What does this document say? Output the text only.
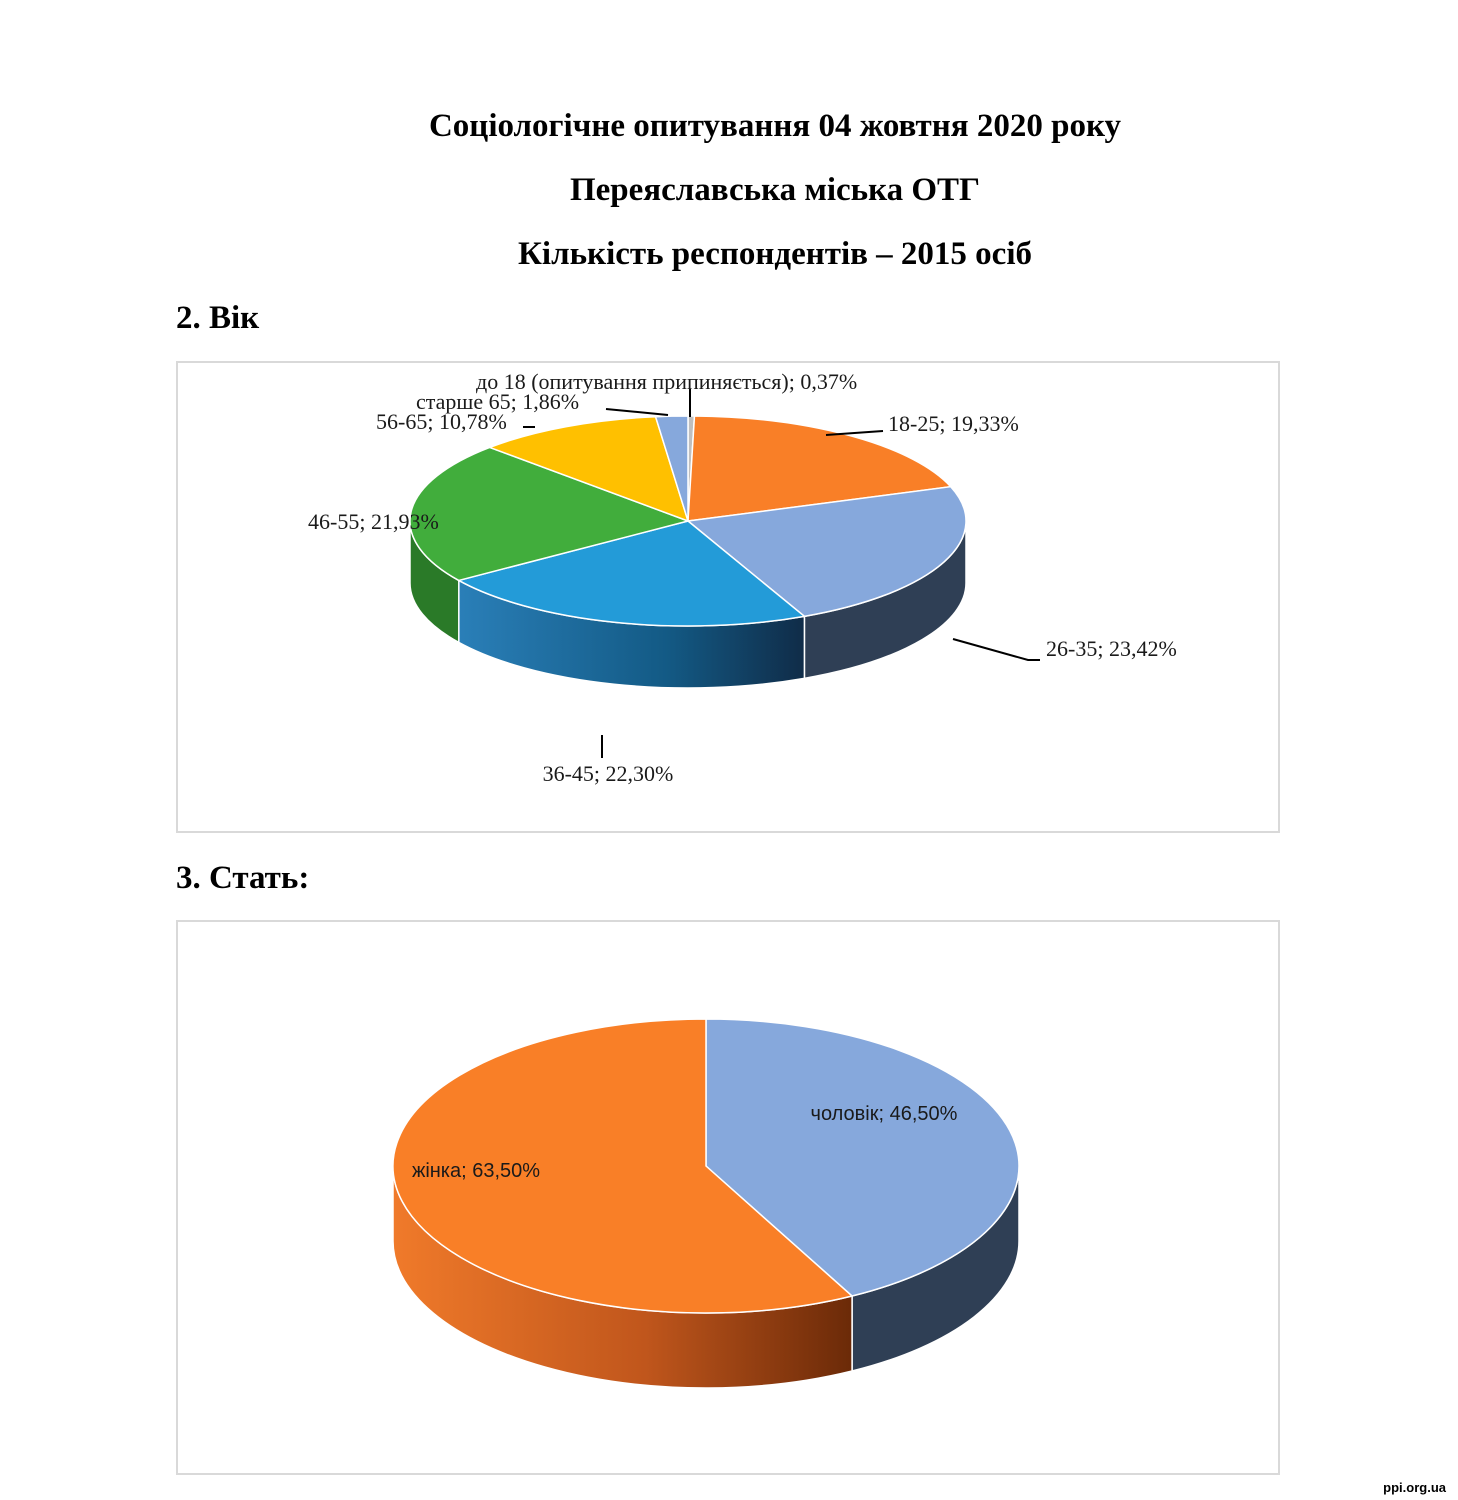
Соціологічне опитування 04 жовтня 2020 року
Переяславська міська ОТГ
Кількість респондентів – 2015 осіб
2. Вік
до 18 (опитування припиняється); 0,37%
18-25; 19,33%
26-35; 23,42%
36-45; 22,30%
46-55; 21,93%
56-65; 10,78%
старше 65; 1,86%
3. Стать:
чоловік; 46,50%
жінка; 63,50%
ppi.org.ua
